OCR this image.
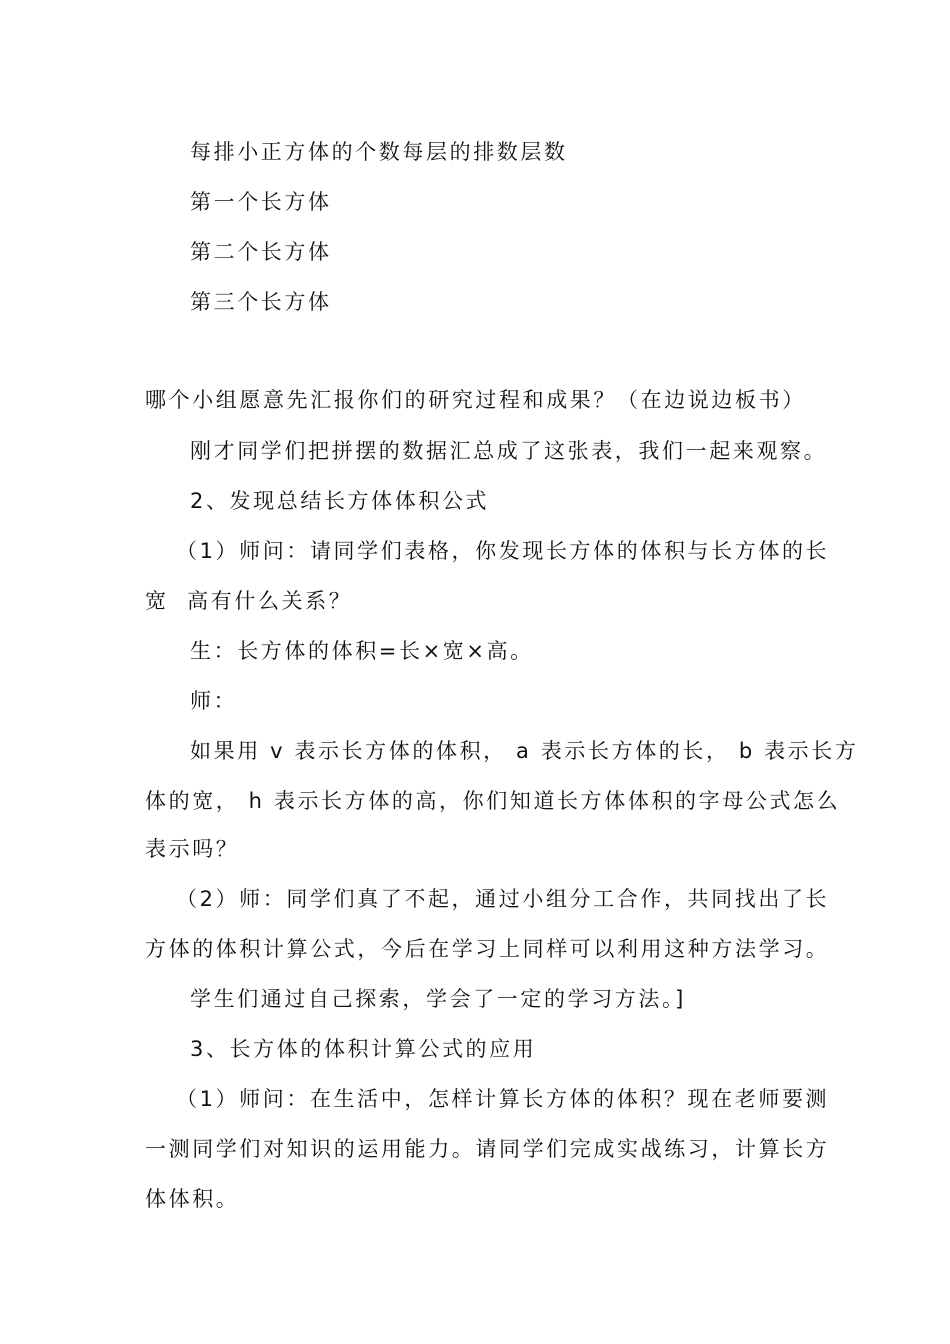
每排小正方体的个数每层的排数层数

第一个长方体

第二个长方体

第三个长方体

哪个小组愿意先汇报你们的研究过程和成果？（在边说边板书）

刚才同学们把拼摆的数据汇总成了这张表，我们一起来观察。

2、发现总结长方体体积公式

（1）师问：请同学们表格，你发现长方体的体积与长方体的长

宽  高有什么关系？

生：长方体的体积=长×宽×高。

师：

如果用 v 表示长方体的体积， a 表示长方体的长， b 表示长方

体的宽， h 表示长方体的高，你们知道长方体体积的字母公式怎么

表示吗？

（2）师：同学们真了不起，通过小组分工合作，共同找出了长

方体的体积计算公式，今后在学习上同样可以利用这种方法学习。

学生们通过自己探索，学会了一定的学习方法。]

3、长方体的体积计算公式的应用

（1）师问：在生活中，怎样计算长方体的体积？现在老师要测

一测同学们对知识的运用能力。请同学们完成实战练习，计算长方

体体积。
